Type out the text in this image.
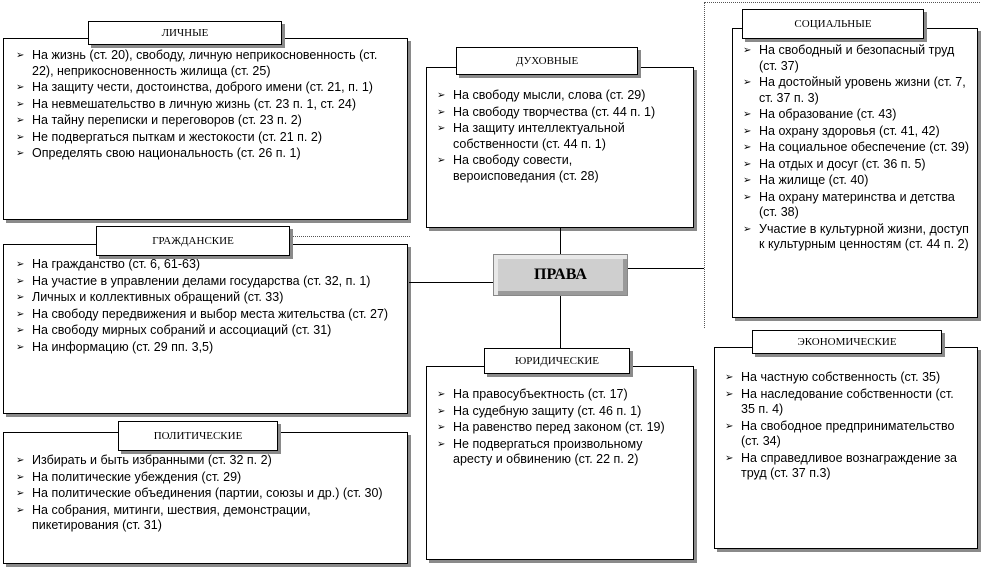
➢ На жизнь (ст. 20), свободу, личную неприкосновенность (ст. 22), неприкосновенность жилища (ст. 25)
➢ На защиту чести, достоинства, доброго имени (ст. 21, п. 1)
➢ На невмешательство в личную жизнь (ст. 23 п. 1, ст. 24)
➢ На тайну переписки и переговоров (ст. 23 п. 2)
➢ Не подвергаться пыткам и жестокости (ст. 21 п. 2)
➢ Определять свою национальность (ст. 26 п. 1)
ЛИЧНЫЕ
➢ На гражданство (ст. 6, 61-63)
➢ На участие в управлении делами государства (ст. 32, п. 1)
➢ Личных и коллективных обращений (ст. 33)
➢ На свободу передвижения и выбор места жительства (ст. 27)
➢ На свободу мирных собраний и ассоциаций (ст. 31)
➢ На информацию (ст. 29 пп. 3,5)
ГРАЖДАНСКИЕ
➢ Избирать и быть избранными (ст. 32 п. 2)
➢ На политические убеждения (ст. 29)
➢ На политические объединения (партии, союзы и др.) (ст. 30)
➢ На собрания, митинги, шествия, демонстрации, пикетирования (ст. 31)
ПОЛИТИЧЕСКИЕ
➢ На свободу мысли, слова (ст. 29)
➢ На свободу творчества (ст. 44 п. 1)
➢ На защиту интеллектуальной собственности (ст. 44 п. 1)
➢ На свободу совести, вероисповедания (ст. 28)
ДУХОВНЫЕ
ПРАВА
➢ На правосубъектность (ст. 17)
➢ На судебную защиту (ст. 46 п. 1)
➢ На равенство перед законом (ст. 19)
➢ Не подвергаться произвольному аресту и обвинению (ст. 22 п. 2)
ЮРИДИЧЕСКИЕ
➢ На свободный и безопасный труд (ст. 37)
➢ На достойный уровень жизни (ст. 7, ст. 37 п. 3)
➢ На образование (ст. 43)
➢ На охрану здоровья (ст. 41, 42)
➢ На социальное обеспечение (ст. 39)
➢ На отдых и досуг (ст. 36 п. 5)
➢ На жилище (ст. 40)
➢ На охрану материнства и детства (ст. 38)
➢ Участие в культурной жизни, доступ к культурным ценностям (ст. 44 п. 2)
СОЦИАЛЬНЫЕ
➢ На частную собственность (ст. 35)
➢ На наследование собственности (ст. 35 п. 4)
➢ На свободное предпринимательство (ст. 34)
➢ На справедливое вознаграждение за труд (ст. 37 п.3)
ЭКОНОМИЧЕСКИЕ
